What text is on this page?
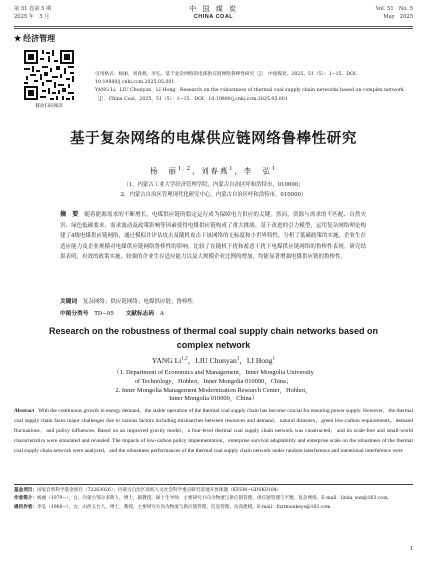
第 51 卷第 5 期
2025 年　5 月
中 国 煤 炭
CHINA COAL
Vol. 51　No. 5
May　2025
★ 经济管理
移动扫码阅读
引用格式：杨丽，刘春燕，李弘．基于复杂网络的电煤供应链网络鲁棒性研究［J］．中国煤炭，2025，51（5）：1−15．DOI：10.19880/j.cnki.ccm.2025.05.001
YANG Li，LIU Chunyan，LI Hong．Research on the robustness of thermal coal supply chain networks based on complex network［J］．China Coal，2025，51（5）：1−15．DOI：10.19880/j.cnki.ccm.2025.05.001
基于复杂网络的电煤供应链网络鲁棒性研究
杨　丽$^{1,2}$，刘春燕$^1$，李　弘$^1$
（1．内蒙古工业大学经济管理学院，内蒙古自治区呼和浩特市，010000；
2．内蒙古自治区管理现代化研究中心，内蒙古自治区呼和浩特市，010000）
摘　要 随着能源需求的不断增长，电煤供应链的稳定运行成为保障电力供应的关键。然而，资源与需求的不匹配、自然灾害、绿色低碳要求、需求波动及政策影响等因素使得电煤供应链构成了重大挑战。基于改进的引力模型，运用复杂网络理论构建了4级电煤供应链网络，通过模拟并评估攻击及随机攻击下该网络的无标度和小世界特性。分析了低碳政策的实施、企业生存适应能力及企业规模对电煤供应链网络鲁棒性的影响。比较了在随机干扰和蓄意干扰下电煤供应链网络的鲁棒性表现。研究结果表明，有效的政策实施、较强的企业生存适应能力以及大规模企业比例的增加，均能显著增强电煤供应链的鲁棒性。
关键词 复杂网络；供应链网络；电煤供应链；鲁棒性
中图分类号 TD−95 文献标志码 A
Research on the robustness of thermal coal supply chain networks based on complex network
YANG Li$^{1,2}$，LIU Chunyan$^1$，LI Hong$^1$
（1. Department of Economics and Management，Inner Mongolia University
of Technology，Hohhot，Inner Mongolia 010000，China；
2. Inner Mongolia Management Modernization Research Center，Hohhot，
Inner Mongolia 010000，China）
Abstract With the continuous growth in energy demand，the stable operation of the thermal coal supply chain has become crucial for ensuring power supply. However，the thermal coal supply chain faces major challenges due to various factors including mismatches between resources and demand，natural disasters，green low-carbon requirements，demand fluctuations，and policy influences. Based on an improved gravity model，a four-level thermal coal supply chain network was constructed，and its scale-free and small-world characteristics were simulated and revealed. The impacts of low-carbon policy implementation，enterprise survival adaptability and enterprise scale on the robustness of the thermal coal supply chain network were analyzed，and the robustness performances of the thermal coal supply chain network under random interference and intentional interference were
基金项目：国家自然科学基金项目（72263026）；内蒙古自治区高校人文社会科学重点研究基地开放课题（KFSM−GDSK0104）
作者简介：杨丽（1979−），女，内蒙古鄂尔多斯人，博士，副教授，硕士生导师，主要研究方向为物流与供应链管理、供应链管理与平衡，复杂网络。E-mail：linda_sun@163.com。
通讯作者：李弘（1968−），女，山西五台人，博士，教授，主要研究方向为物流与供应链管理，信息管理、仿真建模。E-mail：faxtmonkeys@163.com
1
